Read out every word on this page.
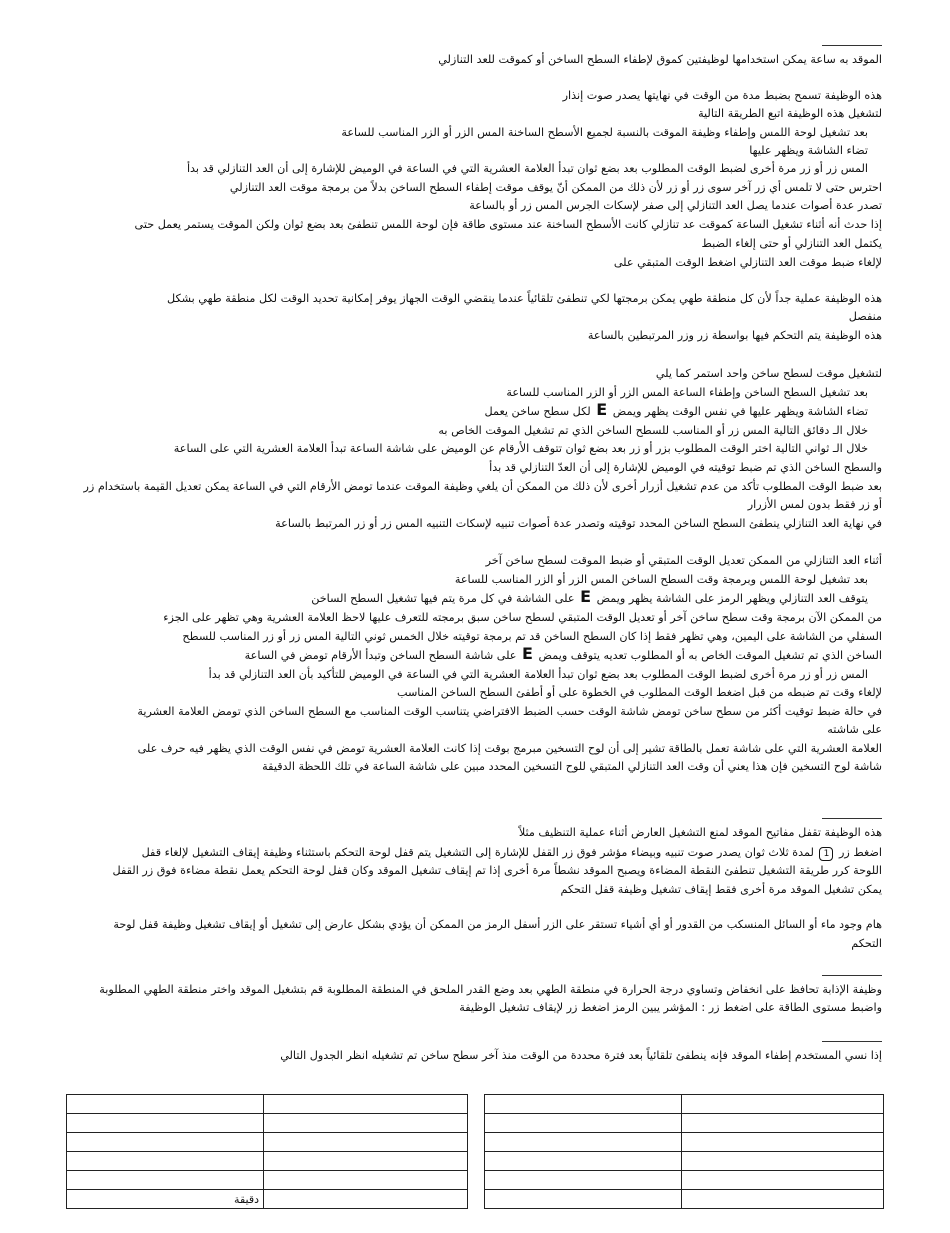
الموقد به ساعة يمكن استخدامها لوظيفتين كموق لإطفاء السطح الساخن أو كموقت للعد التنازلي
هذه الوظيفة تسمح بضبط مدة من الوقت في نهايتها يصدر صوت إنذار
لتشغيل هذه الوظيفة اتبع الطريقة التالية
بعد تشغيل لوحة اللمس وإطفاء وظيفة الموقت بالنسبة لجميع الأسطح الساخنة المس الزر أو الزر المناسب للساعة
تضاء الشاشة ويظهر عليها
المس زر أو زر مرة أخرى لضبط الوقت المطلوب بعد بضع ثوان تبدأ العلامة العشرية التي في الساعة في الوميض للإشارة إلى أن العد التنازلي قد بدأ
احترس حتى لا تلمس أي زر آخر سوى زر أو زر لأن ذلك من الممكن أنّ يوقف موقت إطفاء السطح الساخن بدلاً من برمجة موقت العد التنازلي
تصدر عدة أصوات عندما يصل العد التنازلي إلى صفر لإسكات الجرس المس زر أو بالساعة
إذا حدث أنه أثناء تشغيل الساعة كموقت عد تنازلي كانت الأسطح الساخنة عند مستوى طاقة فإن لوحة اللمس تنطفئ بعد بضع ثوان ولكن الموقت يستمر يعمل حتى
يكتمل العد التنازلي أو حتى إلغاء الضبط
لإلغاء ضبط موقت العد التنازلي اضغط الوقت المتبقي على
هذه الوظيفة عملية جداً لأن كل منطقة طهي يمكن برمجتها لكي تنطفئ تلقائياً عندما ينقضي الوقت الجهاز يوفر إمكانية تحديد الوقت لكل منطقة طهي بشكل
منفصل
هذه الوظيفة يتم التحكم فيها بواسطة زر وزر المرتبطين بالساعة
لتشغيل موقت لسطح ساخن واحد استمر كما يلي
بعد تشغيل السطح الساخن وإطفاء الساعة المس الزر أو الزر المناسب للساعة
تضاء الشاشة ويظهر عليها في نفس الوقت يظهر ويمض E لكل سطح ساخن يعمل
خلال الـ دقائق التالية المس زر أو المناسب للسطح الساخن الذي تم تشغيل الموقت الخاص به
خلال الـ ثواني التالية اختر الوقت المطلوب بزر أو زر بعد بضع ثوان تتوقف الأرقام عن الوميض على شاشة الساعة تبدأ العلامة العشرية التي على الساعة
والسطح الساخن الذي تم ضبط توقيته في الوميض للإشارة إلى أن العدّ التنازلي قد بدأ
بعد ضبط الوقت المطلوب تأكد من عدم تشغيل أزرار أخرى لأن ذلك من الممكن أن يلغي وظيفة الموقت عندما تومض الأرقام التي في الساعة يمكن تعديل القيمة باستخدام زر
أو زر فقط بدون لمس الأزرار
في نهاية العد التنازلي ينطفئ السطح الساخن المحدد توقيته وتصدر عدة أصوات تنبيه لإسكات التنبيه المس زر أو زر المرتبط بالساعة
أثناء العد التنازلي من الممكن تعديل الوقت المتبقي أو ضبط الموقت لسطح ساخن آخر
بعد تشغيل لوحة اللمس وبرمجة وقت السطح الساخن المس الزر أو الزر المناسب للساعة
يتوقف العد التنازلي ويظهر الرمز على الشاشة يظهر ويمض E على الشاشة في كل مرة يتم فيها تشغيل السطح الساخن
من الممكن الآن برمجة وقت سطح ساخن آخر أو تعديل الوقت المتبقي لسطح ساخن سبق برمجته للتعرف عليها لاحظ العلامة العشرية وهي تظهر على الجزء
السفلي من الشاشة على اليمين، وهي تظهر فقط إذا كان السطح الساخن قد تم برمجة توقيته خلال الخمس ثوني التالية المس زر أو زر المناسب للسطح
الساخن الذي تم تشغيل الموقت الخاص به أو المطلوب تعديه يتوقف ويمض E على شاشة السطح الساخن وتبدأ الأرقام تومض في الساعة
المس زر أو زر مرة أخرى لضبط الوقت المطلوب بعد بضع ثوان تبدأ العلامة العشرية التي في الساعة في الوميض للتأكيد بأن العد التنازلي قد بدأ
لإلغاء وقت تم ضبطه من قبل اضغط الوقت المطلوب في الخطوة على أو أطفئ السطح الساخن المناسب
في حالة ضبط توقيت أكثر من سطح ساخن تومض شاشة الوقت حسب الضبط الافتراضي يتناسب الوقت المناسب مع السطح الساخن الذي تومض العلامة العشرية
على شاشته
العلامة العشرية التي على شاشة تعمل بالطاقة تشير إلى أن لوح التسخين مبرمج بوقت إذا كانت العلامة العشرية تومض في نفس الوقت الذي يظهر فيه حرف على
شاشة لوح التسخين فإن هذا يعني أن وقت العد التنازلي المتبقي للوح التسخين المحدد مبين على شاشة الساعة في تلك اللحظة الدقيقة
هذه الوظيفة تقفل مفاتيح الموقد لمنع التشغيل العارض أثناء عملية التنظيف مثلاً
اضغط زر 1 لمدة ثلاث ثوان يصدر صوت تنبيه وبيضاء مؤشر فوق زر القفل للإشارة إلى التشغيل يتم قفل لوحة التحكم باستثناء وظيفة إيقاف التشغيل لإلغاء قفل
اللوحة كرر طريقة التشغيل تنطفئ النقطة المضاءة ويصبح الموقد نشطاً مرة أخرى إذا تم إيقاف تشغيل الموقد وكان قفل لوحة التحكم يعمل نقطة مضاءة فوق زر القفل
يمكن تشغيل الموقد مرة أخرى فقط إيقاف تشغيل وظيفة قفل التحكم
هام وجود ماء أو السائل المنسكب من القدور أو أي أشياء تستقر على الزر أسفل الرمز من الممكن أن يؤدي بشكل عارض إلى تشغيل أو إيقاف تشغيل وظيفة قفل لوحة
التحكم
وظيفة الإذابة تحافظ على انخفاض وتساوي درجة الحرارة في منطقة الطهي بعد وضع القدر الملحق في المنطقة المطلوبة قم بتشغيل الموقد واختر منطقة الطهي المطلوبة
واضبط مستوى الطاقة على اضغط زر : المؤشر يبين الرمز اضغط زر لإيقاف تشغيل الوظيفة
إذا نسي المستخدم إطفاء الموقد فإنه ينطفئ تلقائياً بعد فترة محددة من الوقت منذ آخر سطح ساخن تم تشغيله انظر الجدول التالي

دقيقة	
